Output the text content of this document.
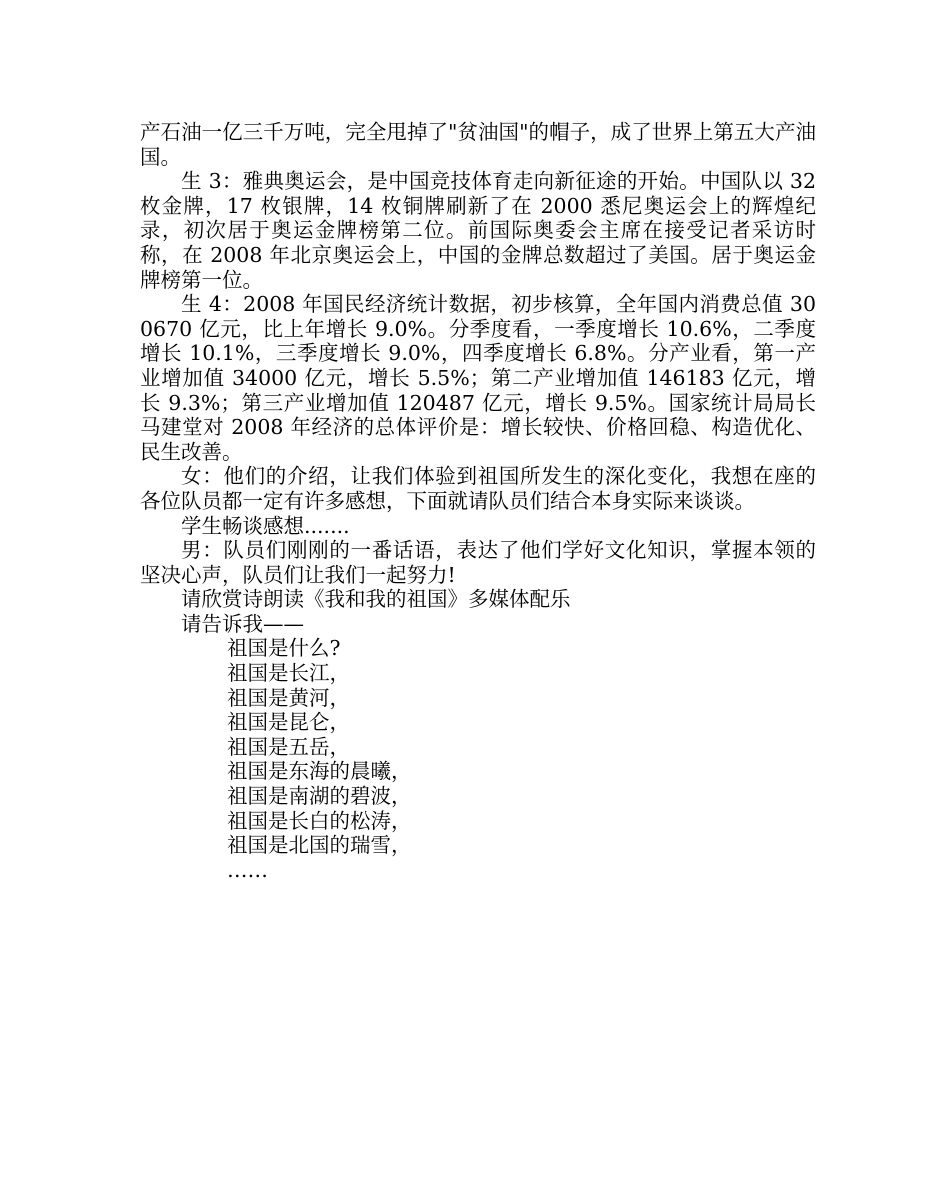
产石油一亿三千万吨，完全甩掉了"贫油国"的帽子，成了世界上第五大产油国。

生 3：雅典奥运会，是中国竞技体育走向新征途的开始。中国队以 32 枚金牌，17 枚银牌，14 枚铜牌刷新了在 2000 悉尼奥运会上的辉煌纪录，初次居于奥运金牌榜第二位。前国际奥委会主席在接受记者采访时称，在 2008 年北京奥运会上，中国的金牌总数超过了美国。居于奥运金牌榜第一位。

生 4：2008 年国民经济统计数据，初步核算，全年国内消费总值 300670 亿元，比上年增长 9.0%。分季度看，一季度增长 10.6%，二季度增长 10.1%，三季度增长 9.0%，四季度增长 6.8%。分产业看，第一产业增加值 34000 亿元，增长 5.5%；第二产业增加值 146183 亿元，增长 9.3%；第三产业增加值 120487 亿元，增长 9.5%。国家统计局局长马建堂对 2008 年经济的总体评价是：增长较快、价格回稳、构造优化、民生改善。

女：他们的介绍，让我们体验到祖国所发生的深化变化，我想在座的各位队员都一定有许多感想，下面就请队员们结合本身实际来谈谈。

学生畅谈感想.......

男：队员们刚刚的一番话语，表达了他们学好文化知识，掌握本领的坚决心声，队员们让我们一起努力!

请欣赏诗朗读《我和我的祖国》多媒体配乐

请告诉我——

祖国是什么?
祖国是长江，
祖国是黄河，
祖国是昆仑，
祖国是五岳，
祖国是东海的晨曦，
祖国是南湖的碧波，
祖国是长白的松涛，
祖国是北国的瑞雪，
……
